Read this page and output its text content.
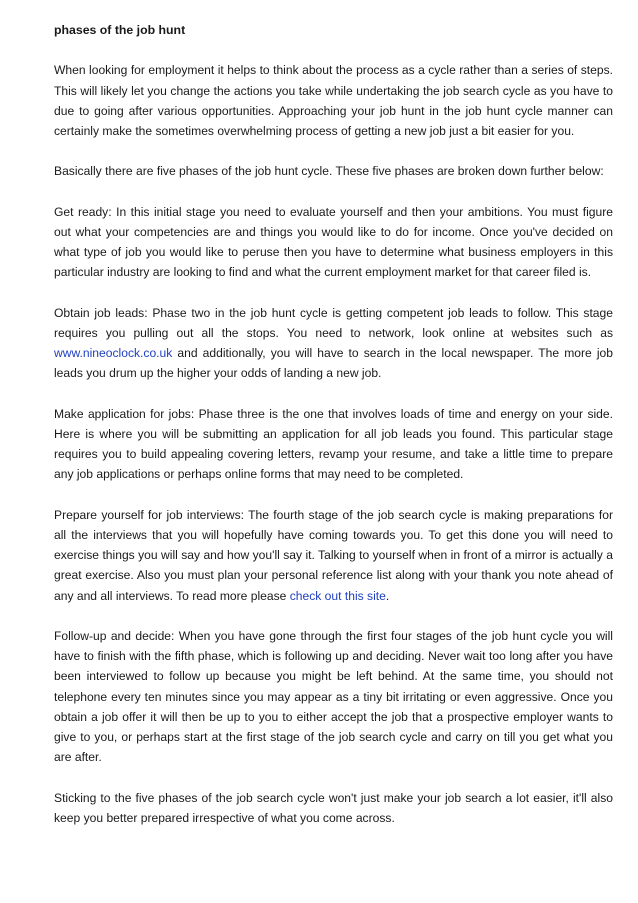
phases of the job hunt

When looking for employment it helps to think about the process as a cycle rather than a series of steps. This will likely let you change the actions you take while undertaking the job search cycle as you have to due to going after various opportunities. Approaching your job hunt in the job hunt cycle manner can certainly make the sometimes overwhelming process of getting a new job just a bit easier for you.

Basically there are five phases of the job hunt cycle. These five phases are broken down further below:

Get ready: In this initial stage you need to evaluate yourself and then your ambitions. You must figure out what your competencies are and things you would like to do for income. Once you've decided on what type of job you would like to peruse then you have to determine what business employers in this particular industry are looking to find and what the current employment market for that career filed is.

Obtain job leads: Phase two in the job hunt cycle is getting competent job leads to follow. This stage requires you pulling out all the stops. You need to network, look online at websites such as www.nineoclock.co.uk and additionally, you will have to search in the local newspaper. The more job leads you drum up the higher your odds of landing a new job.

Make application for jobs: Phase three is the one that involves loads of time and energy on your side. Here is where you will be submitting an application for all job leads you found. This particular stage requires you to build appealing covering letters, revamp your resume, and take a little time to prepare any job applications or perhaps online forms that may need to be completed.

Prepare yourself for job interviews: The fourth stage of the job search cycle is making preparations for all the interviews that you will hopefully have coming towards you. To get this done you will need to exercise things you will say and how you'll say it. Talking to yourself when in front of a mirror is actually a great exercise. Also you must plan your personal reference list along with your thank you note ahead of any and all interviews. To read more please check out this site.

Follow-up and decide: When you have gone through the first four stages of the job hunt cycle you will have to finish with the fifth phase, which is following up and deciding. Never wait too long after you have been interviewed to follow up because you might be left behind. At the same time, you should not telephone every ten minutes since you may appear as a tiny bit irritating or even aggressive. Once you obtain a job offer it will then be up to you to either accept the job that a prospective employer wants to give to you, or perhaps start at the first stage of the job search cycle and carry on till you get what you are after.

Sticking to the five phases of the job search cycle won't just make your job search a lot easier, it'll also keep you better prepared irrespective of what you come across.
